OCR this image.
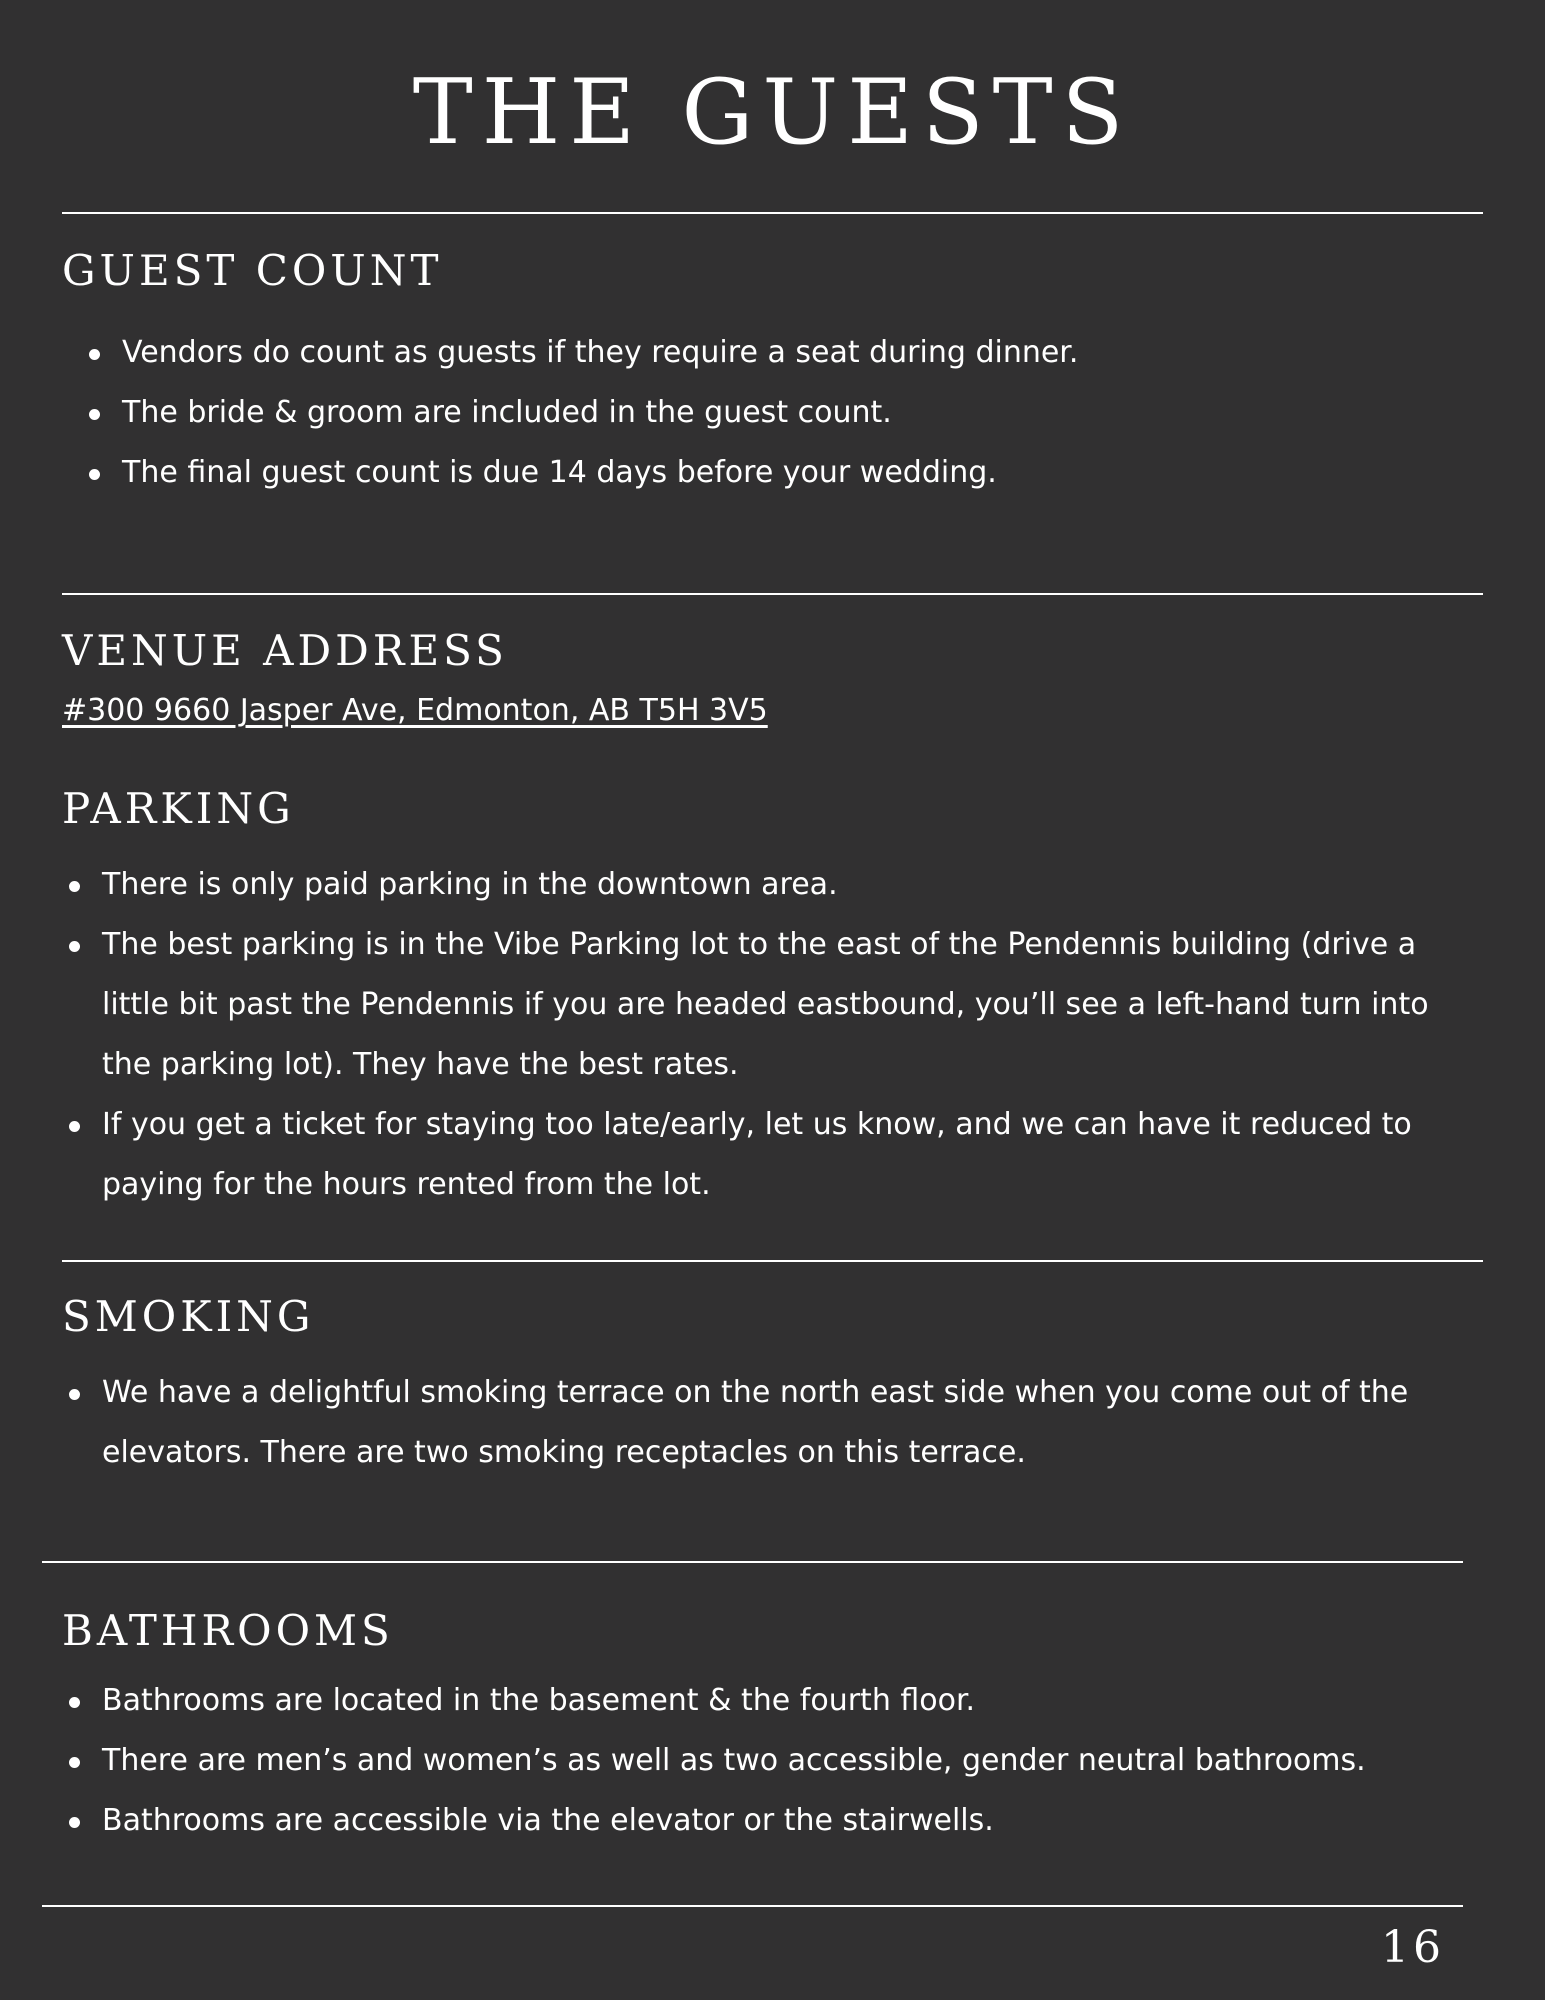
THE GUESTS
GUEST COUNT
Vendors do count as guests if they require a seat during dinner.
The bride & groom are included in the guest count.
The final guest count is due 14 days before your wedding.
VENUE ADDRESS
#300 9660 Jasper Ave, Edmonton, AB T5H 3V5
PARKING
There is only paid parking in the downtown area.
The best parking is in the Vibe Parking lot to the east of the Pendennis building (drive a little bit past the Pendennis if you are headed eastbound, you’ll see a left-hand turn into the parking lot). They have the best rates.
If you get a ticket for staying too late/early, let us know, and we can have it reduced to paying for the hours rented from the lot.
SMOKING
We have a delightful smoking terrace on the north east side when you come out of the elevators. There are two smoking receptacles on this terrace.
BATHROOMS
Bathrooms are located in the basement & the fourth floor.
There are men’s and women’s as well as two accessible, gender neutral bathrooms.
Bathrooms are accessible via the elevator or the stairwells.
16
